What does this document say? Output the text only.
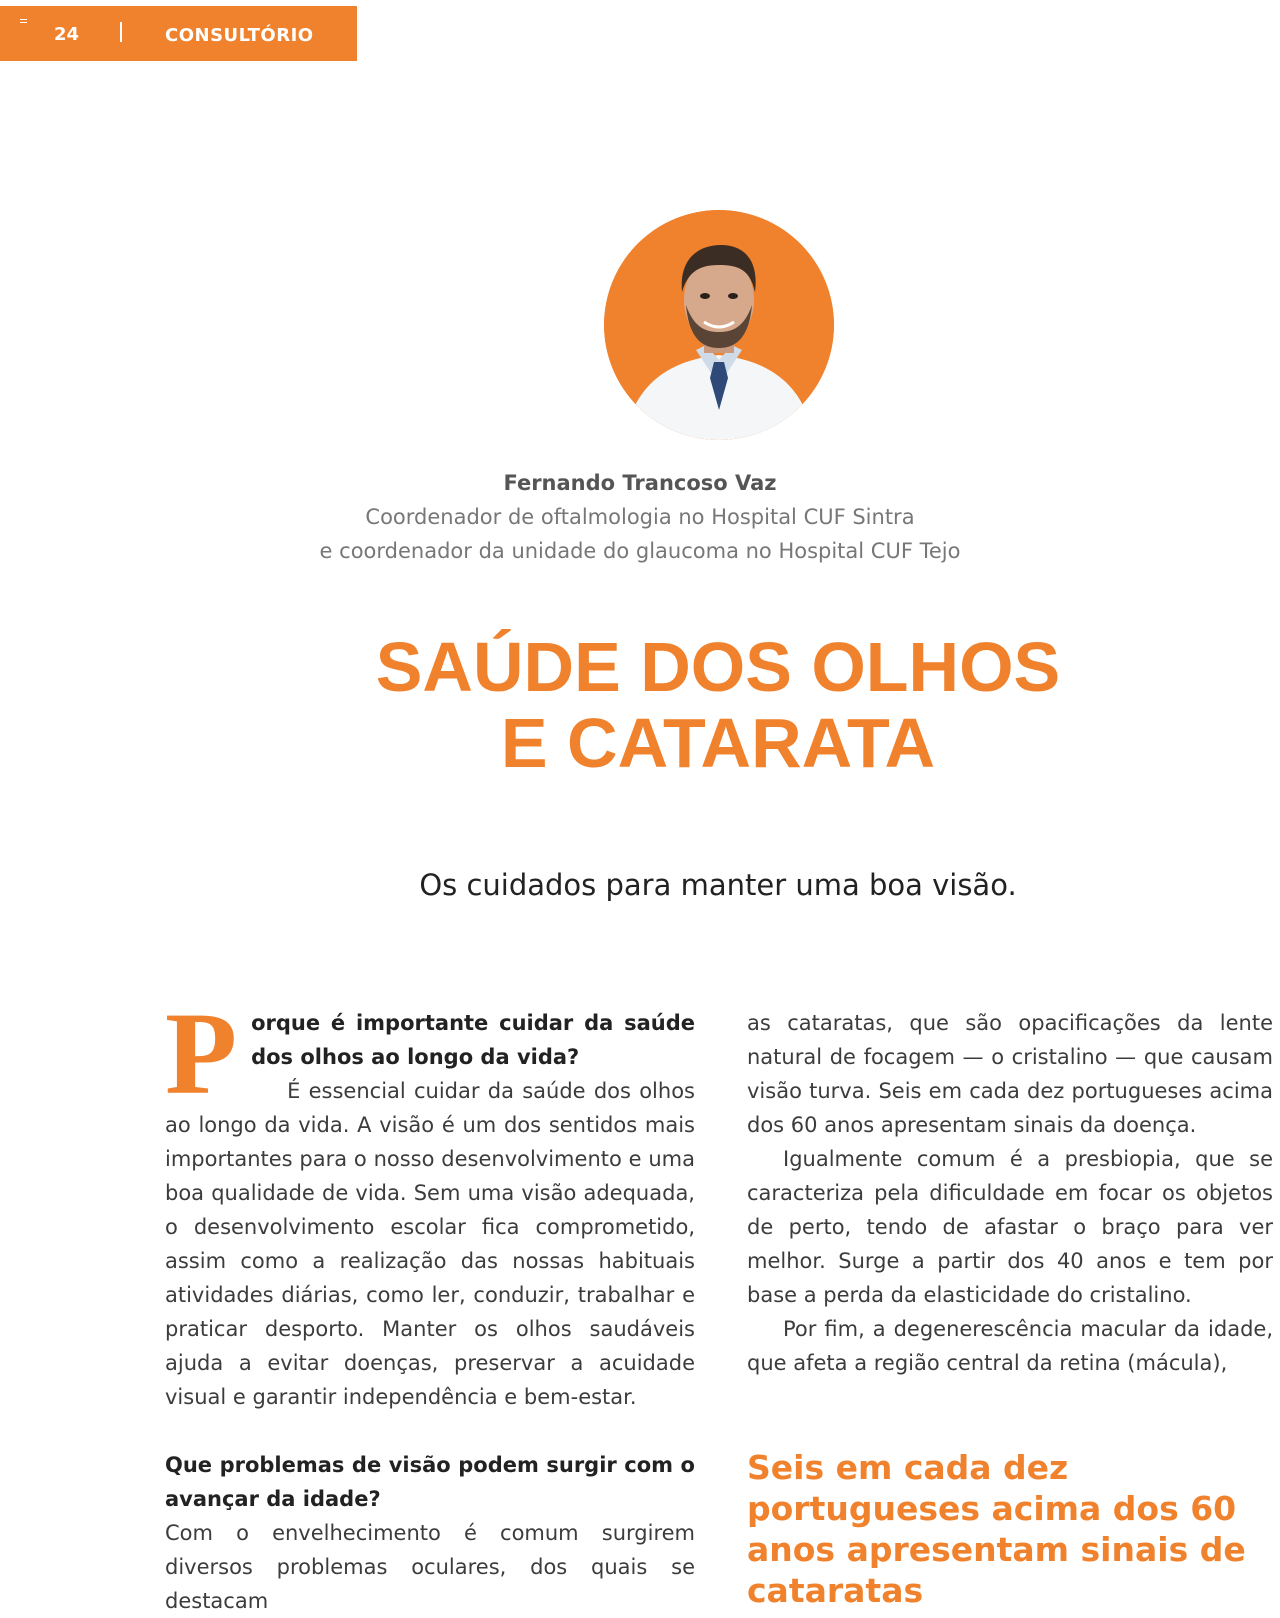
24	CONSULTÓRIO
Fernando Trancoso Vaz
Coordenador de oftalmologia no Hospital CUF Sintra
e coordenador da unidade do glaucoma no Hospital CUF Tejo
SAÚDE DOS OLHOS
E CATARATA
Os cuidados para manter uma boa visão.
P orque é importante cuidar da saúde dos olhos ao longo da vida?

É essencial cuidar da saúde dos olhos ao longo da vida. A visão é um dos sentidos mais importantes para o nosso desenvolvimento e uma boa qualidade de vida. Sem uma visão adequada, o desenvolvimento escolar fica comprometido, assim como a realização das nossas habituais atividades diárias, como ler, conduzir, trabalhar e praticar desporto. Manter os olhos saudáveis ajuda a evitar doenças, preservar a acuidade visual e garantir independência e bem-estar.

Que problemas de visão podem surgir com o avançar da idade?

Com o envelhecimento é comum surgirem diversos problemas oculares, dos quais se destacam

as cataratas, que são opacificações da lente natural de focagem — o cristalino — que causam visão turva. Seis em cada dez portugueses acima dos 60 anos apresentam sinais da doença.

Igualmente comum é a presbiopia, que se caracteriza pela dificuldade em focar os objetos de perto, tendo de afastar o braço para ver melhor. Surge a partir dos 40 anos e tem por base a perda da elasticidade do cristalino.

Por fim, a degenerescência macular da idade, que afeta a região central da retina (mácula),

Seis em cada dez portugueses acima dos 60 anos apresentam sinais de cataratas
